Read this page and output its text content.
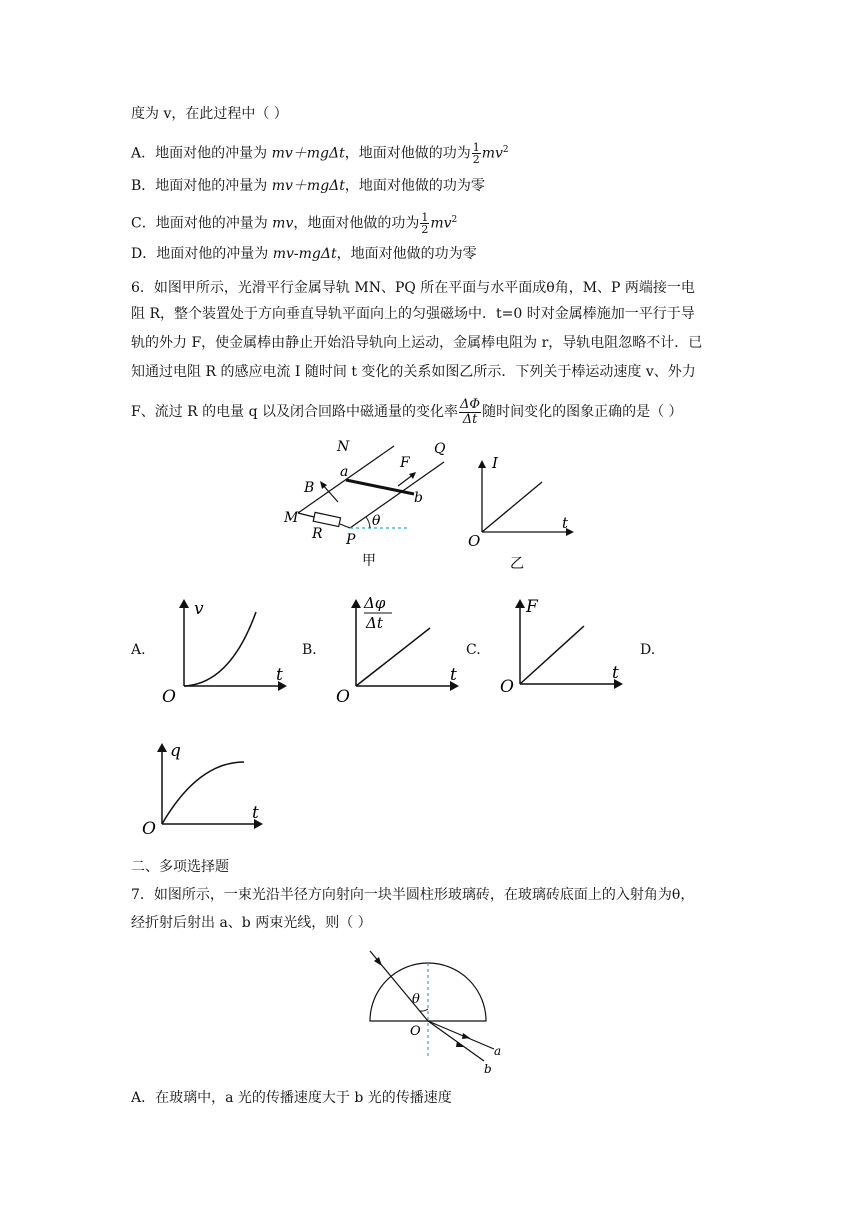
度为 v，在此过程中（ ）
A．地面对他的冲量为 mv＋mgΔt，地面对他做的功为 $\frac{1}{2} mv^2$
B．地面对他的冲量为 mv＋mgΔt，地面对他做的功为零
C．地面对他的冲量为 mv，地面对他做的功为 $\frac{1}{2} mv^2$
D．地面对他的冲量为 mv-mgΔt，地面对他做的功为零
6．如图甲所示，光滑平行金属导轨 MN、PQ 所在平面与水平面成θ角，M、P 两端接一电
阻 R，整个装置处于方向垂直导轨平面向上的匀强磁场中．t=0 时对金属棒施加一平行于导
轨的外力 F，使金属棒由静止开始沿导轨向上运动，金属棒电阻为 r，导轨电阻忽略不计．已
知通过电阻 R 的感应电流 I 随时间 t 变化的关系如图乙所示．下列关于棒运动速度 v、外力
F、流过 R 的电量 q 以及闭合回路中磁通量的变化率 $\frac{\Delta\Phi}{\Delta t}$ 随时间变化的图象正确的是（ ）
N	Q
a
F
B
b
M
R P
θ
甲
I
t
O
乙
A.	B.	C.	D.
v
t
O
Δφ
Δt
t
O
F
t
O
q
t
O
二、多项选择题
7．如图所示，一束光沿半径方向射向一块半圆柱形玻璃砖，在玻璃砖底面上的入射角为θ，
经折射后射出 a、b 两束光线，则（ ）
θ
O
a
b
A．在玻璃中，a 光的传播速度大于 b 光的传播速度
